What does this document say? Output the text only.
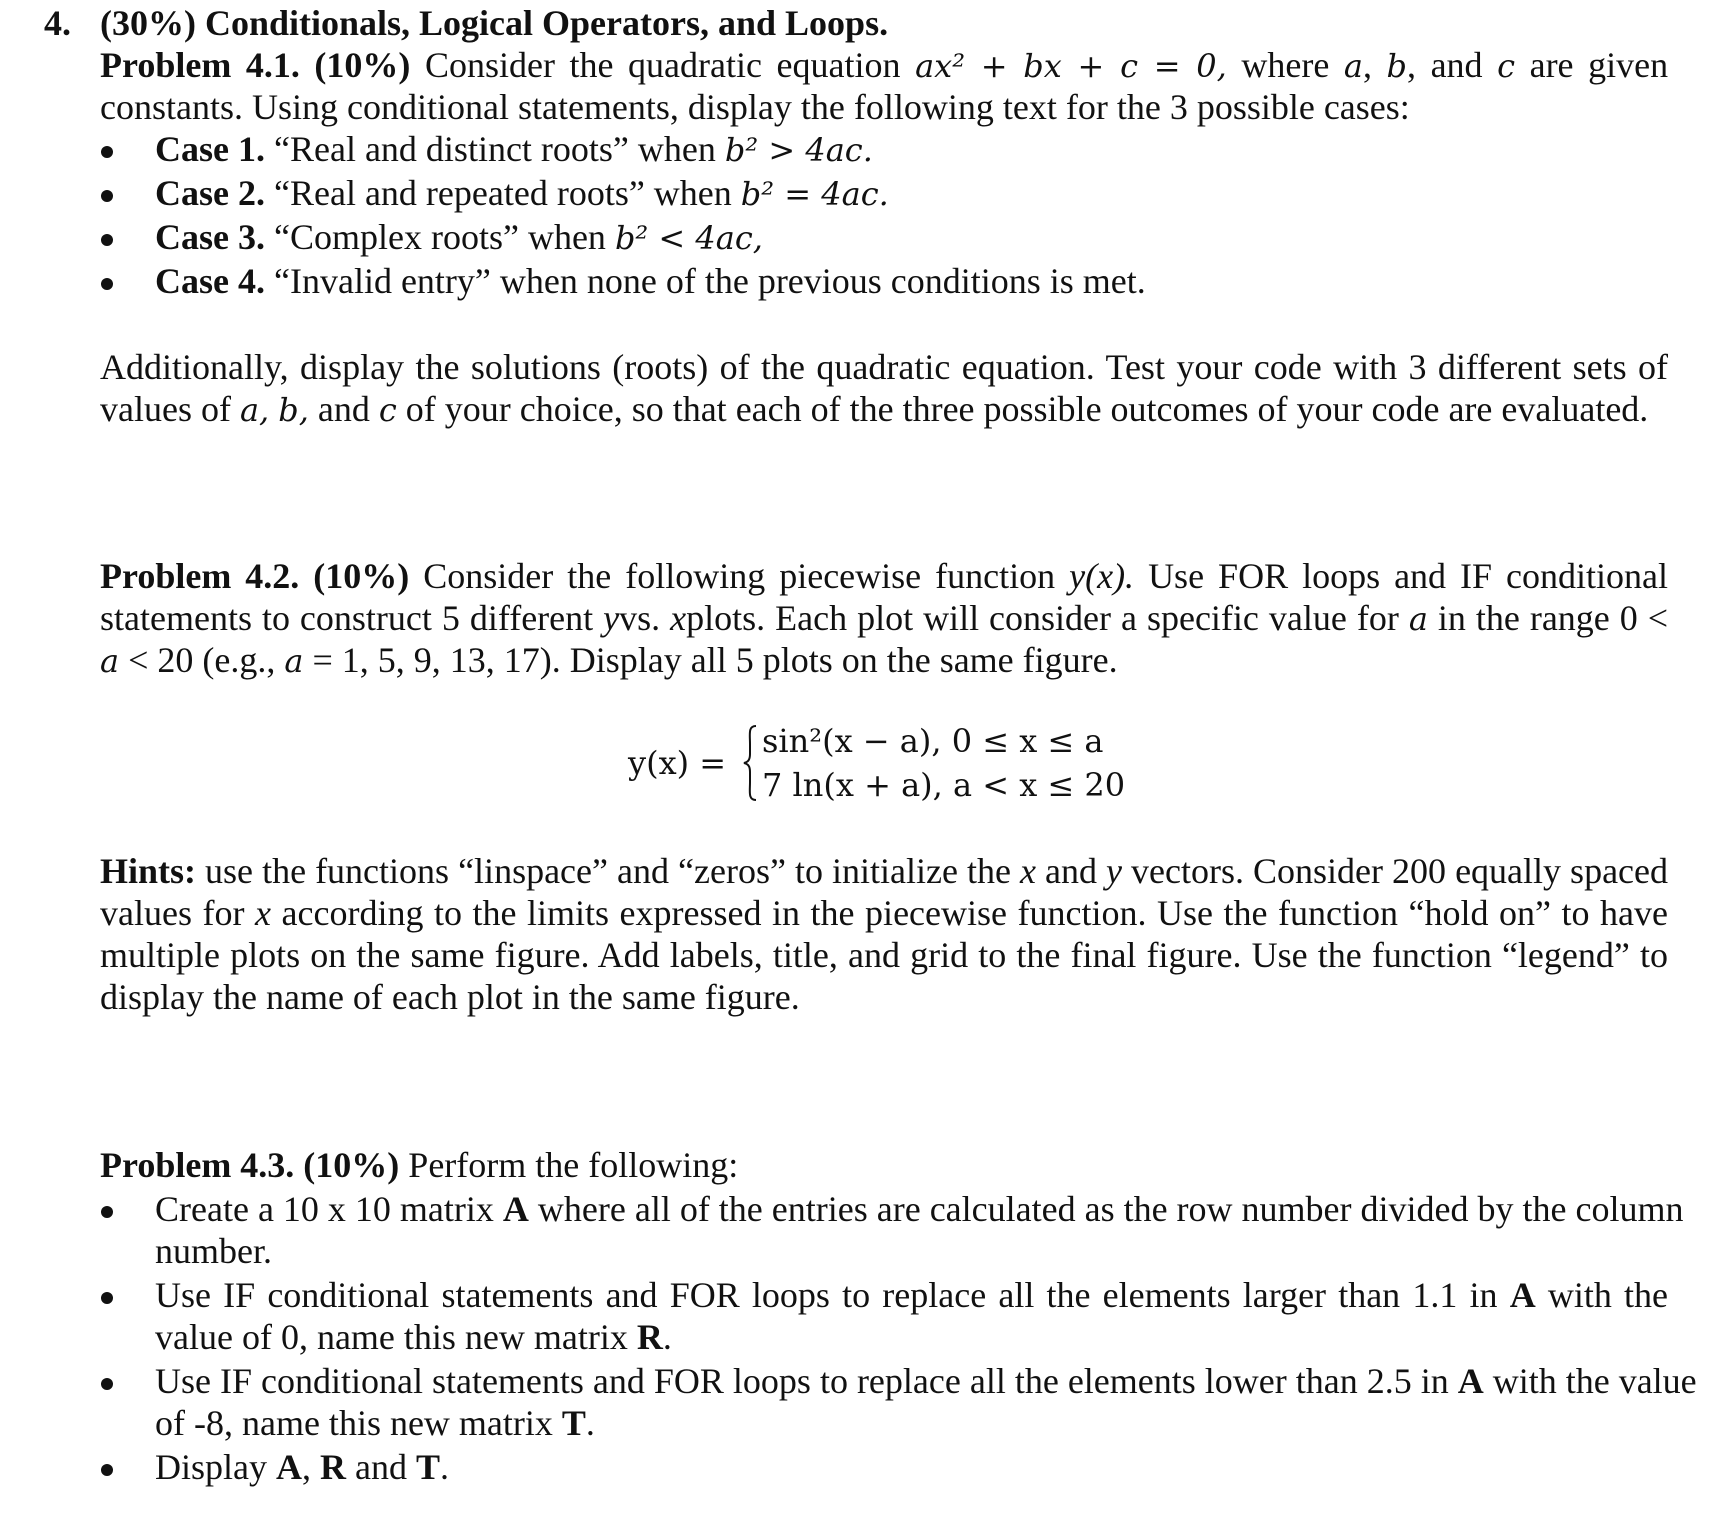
4. (30%) Conditionals, Logical Operators, and Loops.
Problem 4.1. (10%) Consider the quadratic equation ax² + bx + c = 0, where a, b, and c are given
constants. Using conditional statements, display the following text for the 3 possible cases:
Case 1. “Real and distinct roots” when b² > 4ac.
Case 2. “Real and repeated roots” when b² = 4ac.
Case 3. “Complex roots” when b² < 4ac,
Case 4. “Invalid entry” when none of the previous conditions is met.
Additionally, display the solutions (roots) of the quadratic equation. Test your code with 3 different sets of
values of a, b, and c of your choice, so that each of the three possible outcomes of your code are evaluated.
Problem 4.2. (10%) Consider the following piecewise function y(x). Use FOR loops and IF conditional
statements to construct 5 different yvs. xplots. Each plot will consider a specific value for a in the range 0 <
a < 20 (e.g., a = 1, 5, 9, 13, 17). Display all 5 plots on the same figure.
y(x) =
sin²(x − a), 0 ≤ x ≤ a
7 ln(x + a), a < x ≤ 20
Hints: use the functions “linspace” and “zeros” to initialize the x and y vectors. Consider 200 equally spaced
values for x according to the limits expressed in the piecewise function. Use the function “hold on” to have
multiple plots on the same figure. Add labels, title, and grid to the final figure. Use the function “legend” to
display the name of each plot in the same figure.
Problem 4.3. (10%) Perform the following:
Create a 10 x 10 matrix A where all of the entries are calculated as the row number divided by the column
number.
Use IF conditional statements and FOR loops to replace all the elements larger than 1.1 in A with the
value of 0, name this new matrix R.
Use IF conditional statements and FOR loops to replace all the elements lower than 2.5 in A with the value
of -8, name this new matrix T.
Display A, R and T.
